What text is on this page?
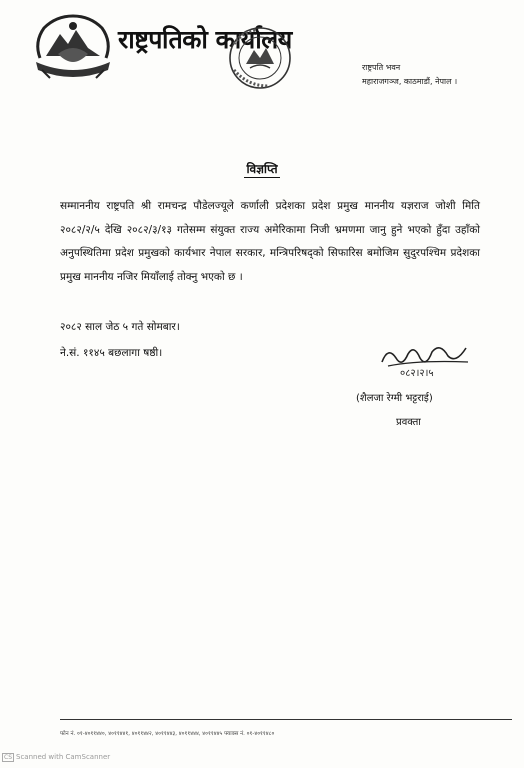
राष्ट्रपतिको कार्यालय
राष्ट्रपति भवन
महाराजगञ्ज, काठमाडौं, नेपाल ।
विज्ञप्ति
सम्माननीय राष्ट्रपति श्री रामचन्द्र पौडेलज्यूले कर्णाली प्रदेशका प्रदेश प्रमुख माननीय यज्ञराज जोशी मिति २०८२/२/५ देखि २०८२/३/१३ गतेसम्म संयुक्त राज्य अमेरिकामा निजी भ्रमणमा जानु हुने भएको हुँदा उहाँको अनुपस्थितिमा प्रदेश प्रमुखको कार्यभार नेपाल सरकार, मन्त्रिपरिषद्को सिफारिस बमोजिम सुदुरपश्चिम प्रदेशका प्रमुख माननीय नजिर मियाँलाई तोक्नु भएको छ ।
२०८२ साल जेठ ५ गते सोमबार।
ने.सं. ११४५ बछलागा षष्ठी।
०८२।२।५
(शैलजा रेग्मी भट्टराई)
प्रवक्ता
फोन नं. ०१-४०११४४०, ४०११४४१, ४०११४४२, ४०११४४३, ४०११४४४, ४०११४४५ फ्याक्स नं. ०१-४०११४८०
CS Scanned with CamScanner
